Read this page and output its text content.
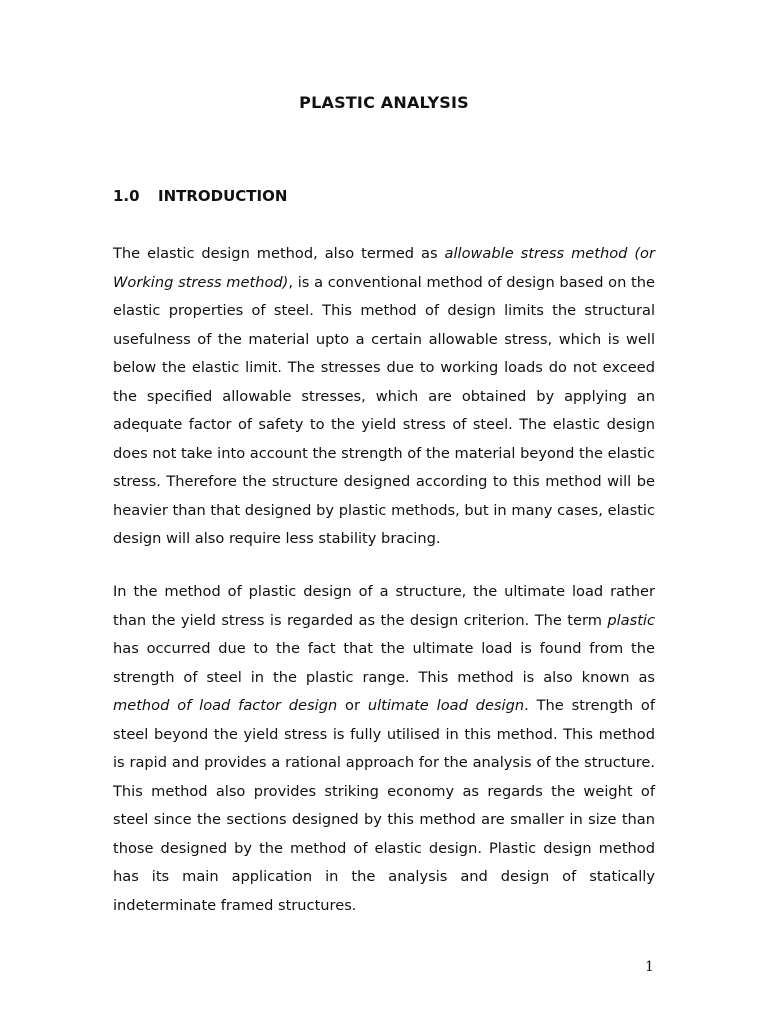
PLASTIC ANALYSIS
1.0 INTRODUCTION

The elastic design method, also termed as allowable stress method (or Working stress method), is a conventional method of design based on the elastic properties of steel. This method of design limits the structural usefulness of the material upto a certain allowable stress, which is well below the elastic limit. The stresses due to working loads do not exceed the specified allowable stresses, which are obtained by applying an adequate factor of safety to the yield stress of steel. The elastic design does not take into account the strength of the material beyond the elastic stress. Therefore the structure designed according to this method will be heavier than that designed by plastic methods, but in many cases, elastic design will also require less stability bracing.

In the method of plastic design of a structure, the ultimate load rather than the yield stress is regarded as the design criterion. The term plastic has occurred due to the fact that the ultimate load is found from the strength of steel in the plastic range. This method is also known as method of load factor design or ultimate load design. The strength of steel beyond the yield stress is fully utilised in this method. This method is rapid and provides a rational approach for the analysis of the structure. This method also provides striking economy as regards the weight of steel since the sections designed by this method are smaller in size than those designed by the method of elastic design. Plastic design method has its main application in the analysis and design of statically indeterminate framed structures.

1
